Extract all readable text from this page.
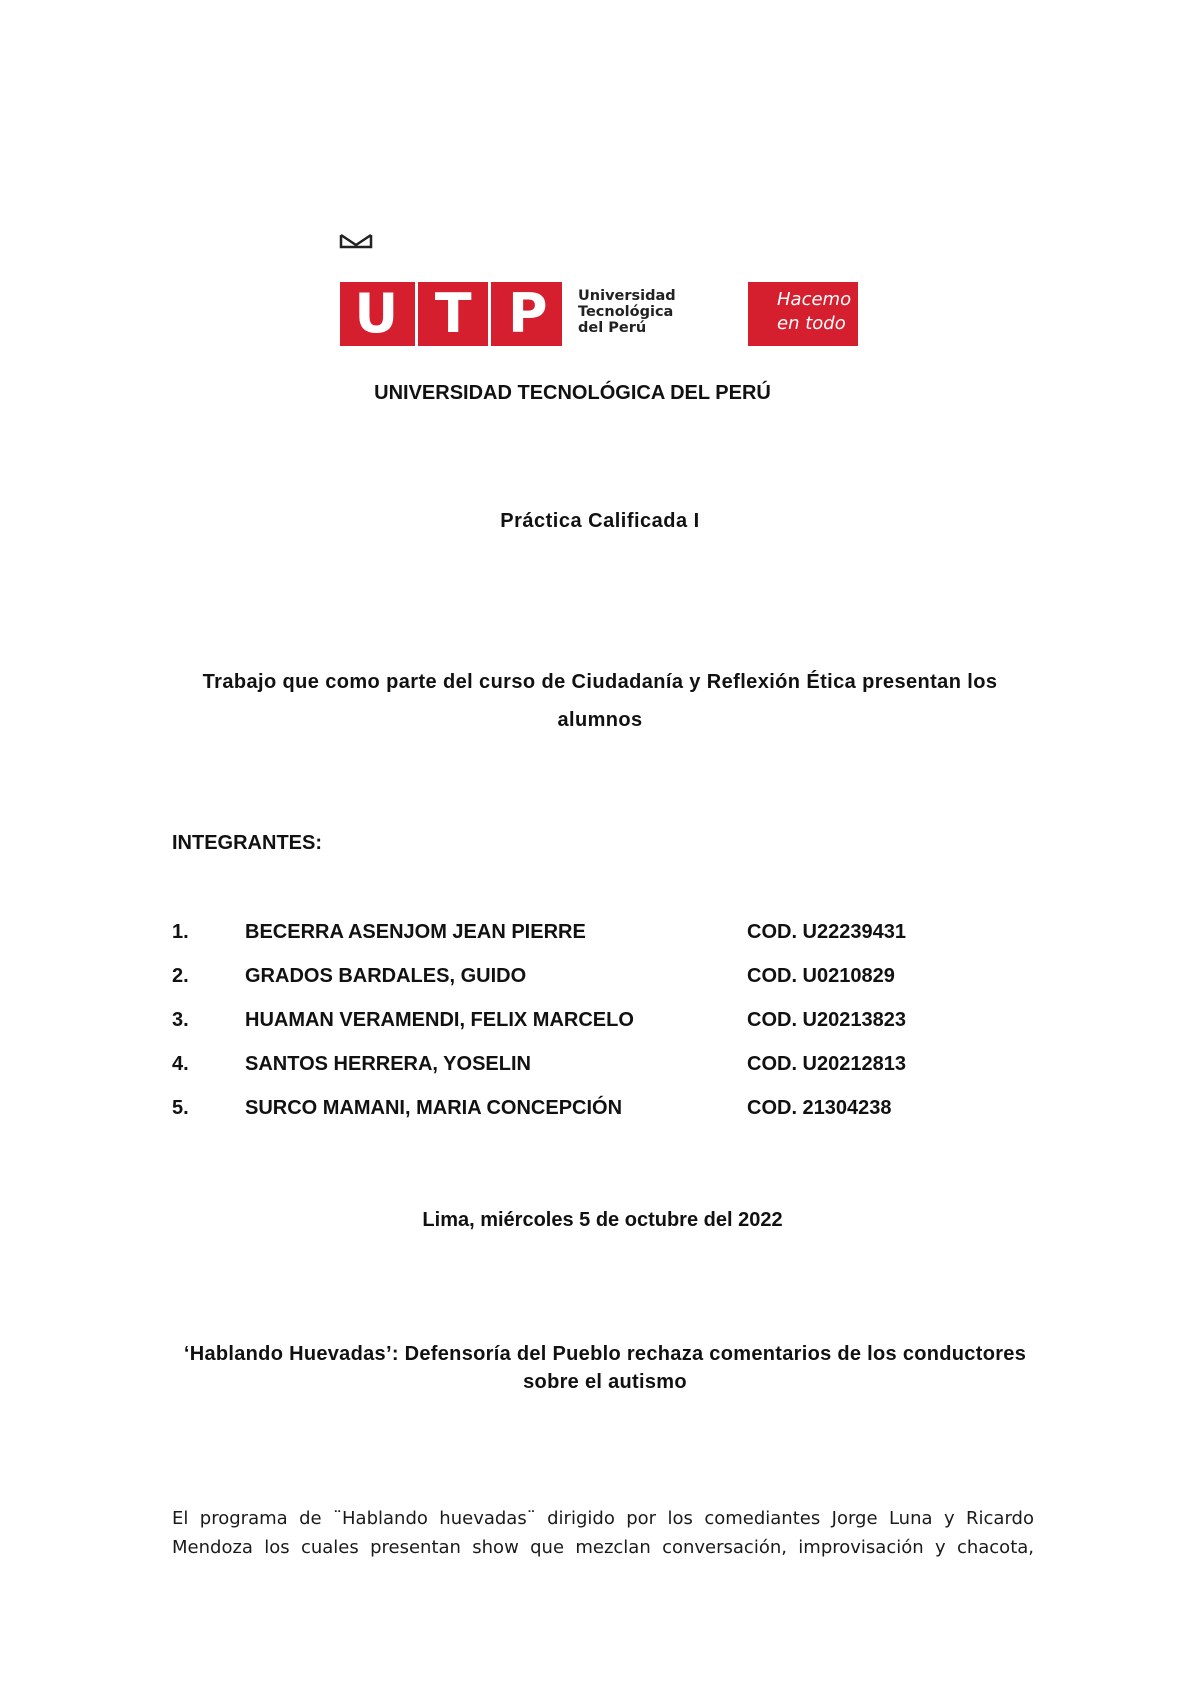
U T P Universidad
Tecnológica
del Perú
Hacemo
en todo
UNIVERSIDAD TECNOLÓGICA DEL PERÚ
Práctica Calificada I
Trabajo que como parte del curso de Ciudadanía y Reflexión Ética presentan los alumnos
INTEGRANTES:
1.	BECERRA ASENJOM JEAN PIERRE	COD. U22239431
2.	GRADOS BARDALES, GUIDO	COD. U0210829
3.	HUAMAN VERAMENDI, FELIX MARCELO	COD. U20213823
4.	SANTOS HERRERA, YOSELIN	COD. U20212813
5.	SURCO MAMANI, MARIA CONCEPCIÓN	COD. 21304238
Lima, miércoles 5 de octubre del 2022
‘Hablando Huevadas’: Defensoría del Pueblo rechaza comentarios de los conductores sobre el autismo
El programa de ¨Hablando huevadas¨ dirigido por los comediantes Jorge Luna y Ricardo Mendoza los cuales presentan show que mezclan conversación, improvisación y chacota,
